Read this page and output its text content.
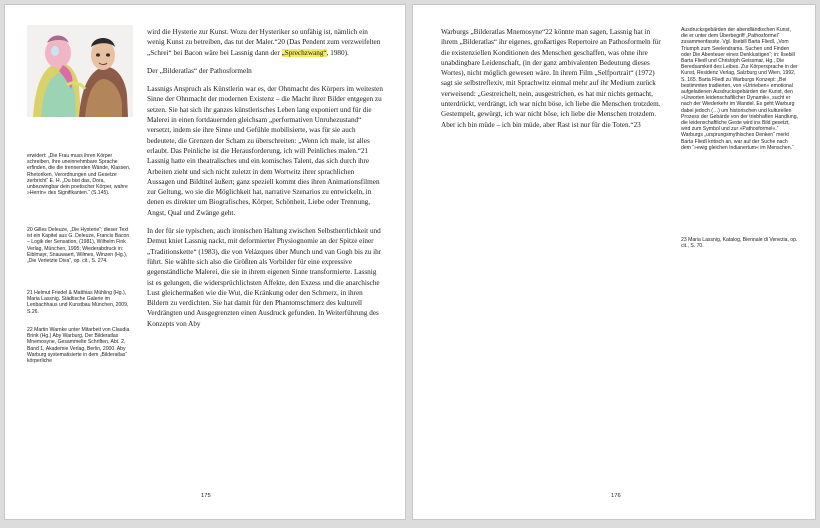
erwidert: „Die Frau muss ihren Körper schreiben, ihre uneinnehmbare Sprache erfinden, die die trennenden Wände, Klassen, Rhetoriken, Verordnungen und Gesetze zerbricht“ E. H. „Du bist das, Dora, unbezwingbar dein poetischer Körper, wahre »Herrin« des Signifikanten.“ (S.145).
20 Gilles Deleuze, „Die Hysterie“; dieser Text ist ein Kapitel aus G. Deleuze, Francis Bacon – Logik der Sensation, (1981), Wilhelm Fink Verlag, München, 1995; Wiederabdruck in: Eiblmayr, Snauwaert, Wilmes, Winzen (Hg.), „Die Verletzte Diva“, op. cit., S. 274.
21 Helmut Friedel & Matthias Mühling (Hg.), Maria Lassnig. Städtische Galerie im Lenbachhaus und Kunstbau München, 2009, S.26.
22 Martin Warnke unter Mitarbeit von Claudia Brink (Hg.) Aby Warburg, Der Bilderatlas Mnemosyne, Gesammelte Schriften, Abt. 2, Band 1, Akademie Verlag, Berlin, 2000. Aby Warburg systematisierte in dem „Bilderatlas“ körperliche

wird die Hysterie zur Kunst. Wozu der Hysteriker so unfähig ist, nämlich ein wenig Kunst zu betreiben, das tut der Maler.“20 (Das Pendent zum verzweifelten „Schrei“ bei Bacon wäre bei Lassnig dann der „Sprechzwang“, 1980).

Der „Bilderatlas“ der Pathosformeln

Lassnigs Anspruch als Künstlerin war es, der Ohnmacht des Körpers im weitesten Sinne der Ohnmacht der modernen Existenz – die Macht ihrer Bilder entgegen zu setzen. Sie hat sich ihr ganzes künstlerisches Leben lang exponiert und für die Malerei in einen fortdauernden gleichsam „performativen Unruhezustand“ versetzt, indem sie ihre Sinne und Gefühle mobilisierte, was für sie auch bedeutete, die Grenzen der Scham zu überschreiten: „Wenn ich male, ist alles erlaubt. Das Peinliche ist die Herausforderung, ich will Peinliches malen.“21 Lassnig hatte ein theatralisches und ein komisches Talent, das sich durch ihre Arbeiten zieht und sich nicht zuletzt in dem Wortwitz ihrer sprachlichen Aussagen und Bildtitel äußert; ganz speziell kommt dies ihren Animationsfilmen zur Geltung, wo sie die Möglichkeit hat, narrative Szenarios zu entwickeln, in denen es direkter um Biografisches, Körper, Schönheit, Liebe oder Trennung, Angst, Qual und Zwänge geht.

In der für sie typischen, auch ironischen Haltung zwischen Selbstherrlichkeit und Demut kniet Lassnig nackt, mit deformierter Physiognomie an der Spitze einer „Traditionskette“ (1983), die von Velázques über Munch und van Gogh bis zu ihr führt. Sie wählte sich also die Größten als Vorbilder für eine expressive gegenständliche Malerei, die sie in ihrem eigenen Sinne transformierte. Lassnig ist es gelungen, die widersprüchlichsten Affekte, den Exzess und die anarchische Lust gleichermaßen wie die Wut, die Kränkung oder den Schmerz, in ihren Bildern zu verdichten. Sie hat damit für den Phantomschmerz des kulturell Verdrängten und Ausgegrenzten einen Ausdruck gefunden. In Weiterführung des Konzepts von Aby

175

Warburgs „Bilderatlas Mnemosyne“22 könnte man sagen, Lassnig hat in ihrem „Bilderatlas“ ihr eigenes, großartiges Repertoire an Pathosformeln für die existenziellen Konditionen des Menschen geschaffen, was ohne ihre unabdingbare Leidenschaft, (in der ganz ambivalenten Bedeutung dieses Wortes), nicht möglich gewesen wäre. In ihrem Film „Selfportrait“ (1972) sagt sie selbstreflexiv, mit Sprachwitz einmal mehr auf ihr Medium zurück verweisend: „Gestreichelt, nein, ausgestrichen, es hat mir nichts gemacht, unterdrückt, verdrängt, ich war nicht böse, ich liebe die Menschen trotzdem. Gestempelt, gewürgt, ich war nicht böse, ich liebe die Menschen trotzdem. Aber ich bin müde – ich bin müde, aber Rast ist nur für die Toten.“23

Ausdrucksgebärden der abendländischen Kunst, die er unter dem Überbegriff „Pathosformel“ zusammenfasste. Vgl. Ilsebill Barta Fliedl, „Vom Triumph zum Seelendrama. Suchen und Finden oder Die Abenteuer eines Denklustigen“; in: Ilsebill Barta Fliedl und Christoph Geissmar, Hg., Die Beredsamkeit des Leibes. Zur Körpersprache in der Kunst, Residenz Verlag, Salzburg und Wien, 1992, S. 165. Barta Fliedl zu Warburgs Konzept: „Bei bestimmten tradierten, von »Urtrieben« emotional aufgeladenen Ausdrucksgebärden der Kunst, den »Urworten leidenschaftlicher Dynamik«, sucht er nach der Wiederkehr im Wandel. Es geht Warburg dabei jedoch (…) um historischen und kulturellen Prozess der Gebärde von der triebhaften Handlung, die leidenschaftliche Geste wird ins Bild gesetzt, wird zum Symbol und zur »Pathosformel«.“ Warburgs „ursprungsmythisches Denken“ merkt Barta Fliedl kritisch an, war auf der Suche nach dem “»ewig gleichen Indianertum« im Menschen.“
23 Maria Lassnig, Katalog, Biennale di Venezia, op. cit., S. 70.
176
